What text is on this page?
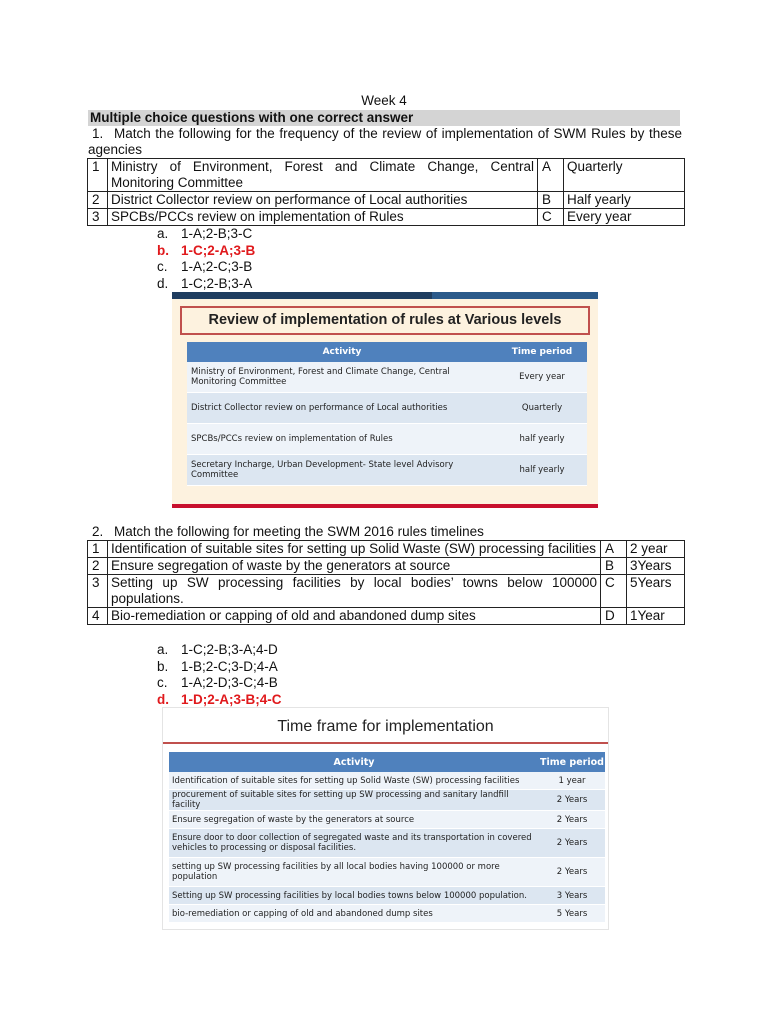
Week 4
Multiple choice questions with one correct answer
1. Match the following for the frequency of the review of implementation of SWM Rules by these agencies
1	Ministry of Environment, Forest and Climate Change, Central Monitoring Committee	A	Quarterly
2	District Collector review on performance of Local authorities	B	Half yearly
3	SPCBs/PCCs review on implementation of Rules	C	Every year
a. 1-A;2-B;3-C
b. 1-C;2-A;3-B
c. 1-A;2-C;3-B
d. 1-C;2-B;3-A
Review of implementation of rules at Various levels
Activity	Time period
Ministry of Environment, Forest and Climate Change, Central Monitoring Committee	Every year
District Collector review on performance of Local authorities	Quarterly
SPCBs/PCCs review on implementation of Rules	half yearly
Secretary Incharge, Urban Development- State level Advisory Committee	half yearly
2. Match the following for meeting the SWM 2016 rules timelines
1	Identification of suitable sites for setting up Solid Waste (SW) processing facilities	A	2 year
2	Ensure segregation of waste by the generators at source	B	3Years
3	Setting up SW processing facilities by local bodies’ towns below 100000 populations.	C	5Years
4	Bio-remediation or capping of old and abandoned dump sites	D	1Year
a. 1-C;2-B;3-A;4-D
b. 1-B;2-C;3-D;4-A
c. 1-A;2-D;3-C;4-B
d. 1-D;2-A;3-B;4-C
Time frame for implementation
Activity	Time period
Identification of suitable sites for setting up Solid Waste (SW) processing facilities	1 year
procurement of suitable sites for setting up SW processing and sanitary landfill facility	2 Years
Ensure segregation of waste by the generators at source	2 Years
Ensure door to door collection of segregated waste and its transportation in covered vehicles to processing or disposal facilities.	2 Years
setting up SW processing facilities by all local bodies having 100000 or more population	2 Years
Setting up SW processing facilities by local bodies towns below 100000 population.	3 Years
bio-remediation or capping of old and abandoned dump sites	5 Years
